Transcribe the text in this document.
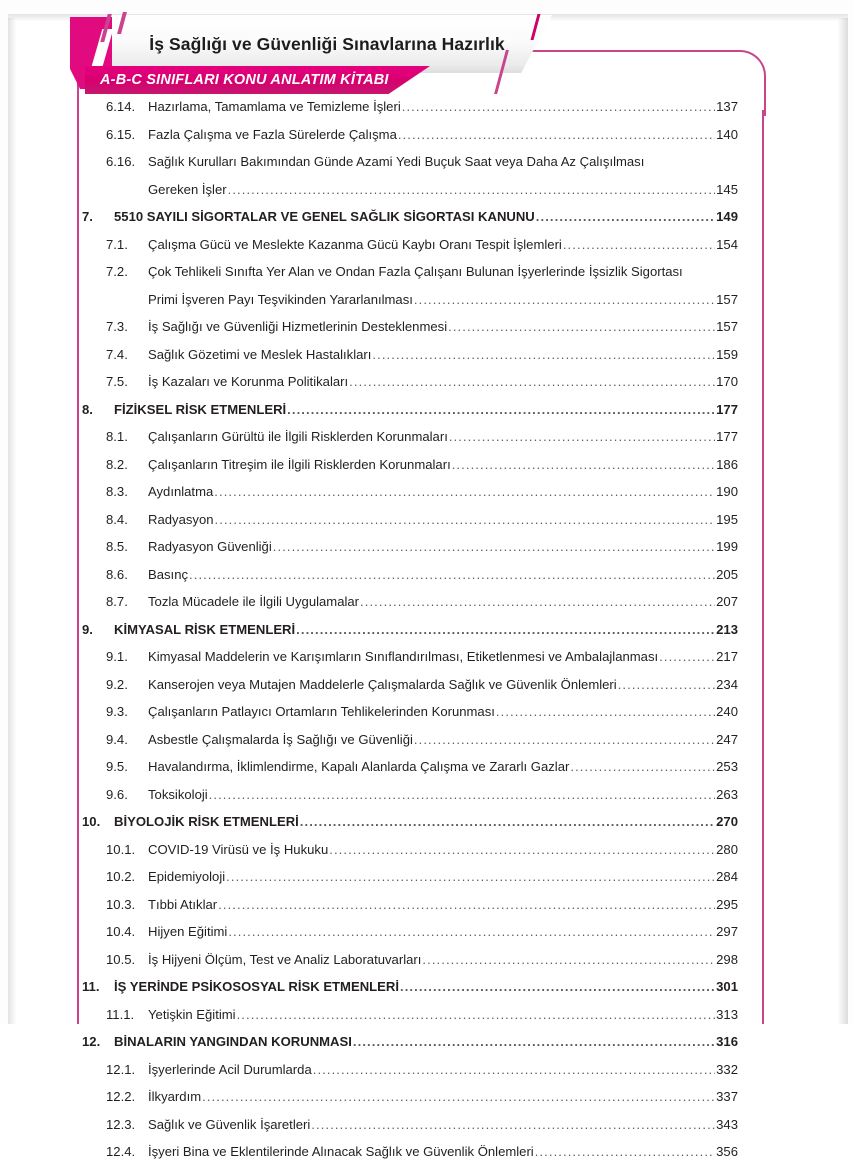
İş Sağlığı ve Güvenliği Sınavlarına Hazırlık
A-B-C SINIFLARI KONU ANLATIM KİTABI
6.14. Hazırlama, Tamamlama ve Temizleme İşleri .....	137
6.15. Fazla Çalışma ve Fazla Sürelerde Çalışma .....	140
6.16. Sağlık Kurulları Bakımından Günde Azami Yedi Buçuk Saat veya Daha Az Çalışılması
Gereken İşler .....	145
7.	5510 SAYILI SİGORTALAR VE GENEL SAĞLIK SİGORTASI KANUNU .....	149
7.1.	Çalışma Gücü ve Meslekte Kazanma Gücü Kaybı Oranı Tespit İşlemleri .....	154
7.2.	Çok Tehlikeli Sınıfta Yer Alan ve Ondan Fazla Çalışanı Bulunan İşyerlerinde İşsizlik Sigortası
Primi İşveren Payı Teşvikinden Yararlanılması .....	157
7.3.	İş Sağlığı ve Güvenliği Hizmetlerinin Desteklenmesi .....	157
7.4.	Sağlık Gözetimi ve Meslek Hastalıkları .....	159
7.5.	İş Kazaları ve Korunma Politikaları .....	170
8.	FİZİKSEL RİSK ETMENLERİ .....	177
8.1.	Çalışanların Gürültü ile İlgili Risklerden Korunmaları .....	177
8.2.	Çalışanların Titreşim ile İlgili Risklerden Korunmaları .....	186
8.3.	Aydınlatma .....	190
8.4.	Radyasyon .....	195
8.5.	Radyasyon Güvenliği .....	199
8.6.	Basınç .....	205
8.7.	Tozla Mücadele ile İlgili Uygulamalar .....	207
9.	KİMYASAL RİSK ETMENLERİ .....	213
9.1.	Kimyasal Maddelerin ve Karışımların Sınıflandırılması, Etiketlenmesi ve Ambalajlanması .....	217
9.2.	Kanserojen veya Mutajen Maddelerle Çalışmalarda Sağlık ve Güvenlik Önlemleri .....	234
9.3.	Çalışanların Patlayıcı Ortamların Tehlikelerinden Korunması .....	240
9.4.	Asbestle Çalışmalarda İş Sağlığı ve Güvenliği .....	247
9.5.	Havalandırma, İklimlendirme, Kapalı Alanlarda Çalışma ve Zararlı Gazlar .....	253
9.6.	Toksikoloji .....	263
10.	BİYOLOJİK RİSK ETMENLERİ .....	270
10.1. COVID-19 Virüsü ve İş Hukuku .....	280
10.2. Epidemiyoloji .....	284
10.3. Tıbbi Atıklar .....	295
10.4. Hijyen Eğitimi .....	297
10.5. İş Hijyeni Ölçüm, Test ve Analiz Laboratuvarları .....	298
11.	İŞ YERİNDE PSİKOSOSYAL RİSK ETMENLERİ .....	301
11.1.	Yetişkin Eğitimi .....	313
12.	BİNALARIN YANGINDAN KORUNMASI .....	316
12.1. İşyerlerinde Acil Durumlarda .....	332
12.2. İlkyardım .....	337
12.3. Sağlık ve Güvenlik İşaretleri .....	343
12.4. İşyeri Bina ve Eklentilerinde Alınacak Sağlık ve Güvenlik Önlemleri .....	356
